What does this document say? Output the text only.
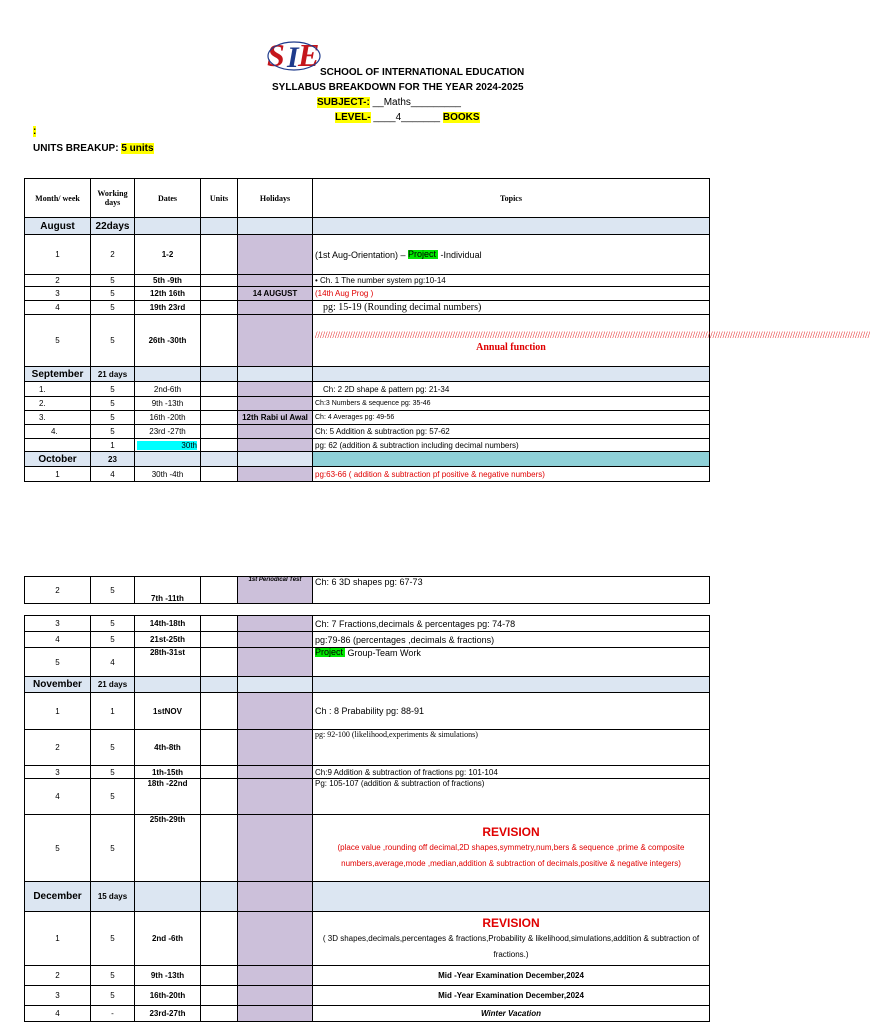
S I E SCHOOL OF INTERNATIONAL EDUCATION
SYLLABUS BREAKDOWN FOR THE YEAR 2024-2025
SUBJECT-: __Maths_________
LEVEL- ____4_______ BOOKS
:
UNITS BREAKUP: 5 units
Month/ week	Working days	Dates	Units	Holidays	Topics
August	22days				
1	2	1-2			(1st Aug-Orientation) – Project -Individual
2	5	5th -9th			• Ch. 1 The number system pg:10-14
3	5	12th 16th		14 AUGUST	(14th Aug Prog )
4	5	19th 23rd			pg: 15-19 (Rounding decimal numbers)
5	5	26th -30th			//////////////////////////////////////////////////////////////////////////////////////////////////////////////////////////////////////////////////////////////////////////////////////////////////////////////////////////////
Annual function

September	21 days				
1.	5	2nd-6th			Ch: 2 2D shape & pattern pg: 21-34
2.	5	9th -13th			Ch:3 Numbers & sequence pg: 35-46
3.	5	16th -20th		12th Rabi ul Awal	Ch: 4 Averages pg: 49-56
4.	5	23rd -27th			Ch: 5 Addition & subtraction pg: 57-62
	1	30th			pg: 62 (addition & subtraction including decimal numbers)
October	23				
1	4	30th -4th			pg:63-66 ( addition & subtraction pf positive & negative numbers)
2	5	7th -11th		1st Periodical Test	Ch: 6 3D shapes pg: 67-73
3	5	14th-18th			Ch: 7 Fractions,decimals & percentages pg: 74-78
4	5	21st-25th			pg:79-86 (percentages ,decimals & fractions)
5	4	28th-31st			Project Group-Team Work
November	21 days				
1	1	1stNOV			Ch : 8 Prabability pg: 88-91
2	5	4th-8th			pg: 92-100 (likelihood,experiments & simulations)
3	5	1th-15th			Ch:9 Addition & subtraction of fractions pg: 101-104
4	5	18th -22nd			Pg: 105-107 (addition & subtraction of fractions)
5	5	25th-29th			REVISION
(place value ,rounding off decimal,2D shapes,symmetry,num,bers & sequence ,prime & composite numbers,average,mode ,median,addition & subtraction of decimals,positive & negative integers)

December	15 days				
1	5	2nd -6th			REVISION
( 3D shapes,decimals,percentages & fractions,Probability & likelihood,simulations,addition & subtraction of fractions.)

2	5	9th -13th			Mid -Year Examination December,2024
3	5	16th-20th			Mid -Year Examination December,2024
4	-	23rd-27th			Winter Vacation
